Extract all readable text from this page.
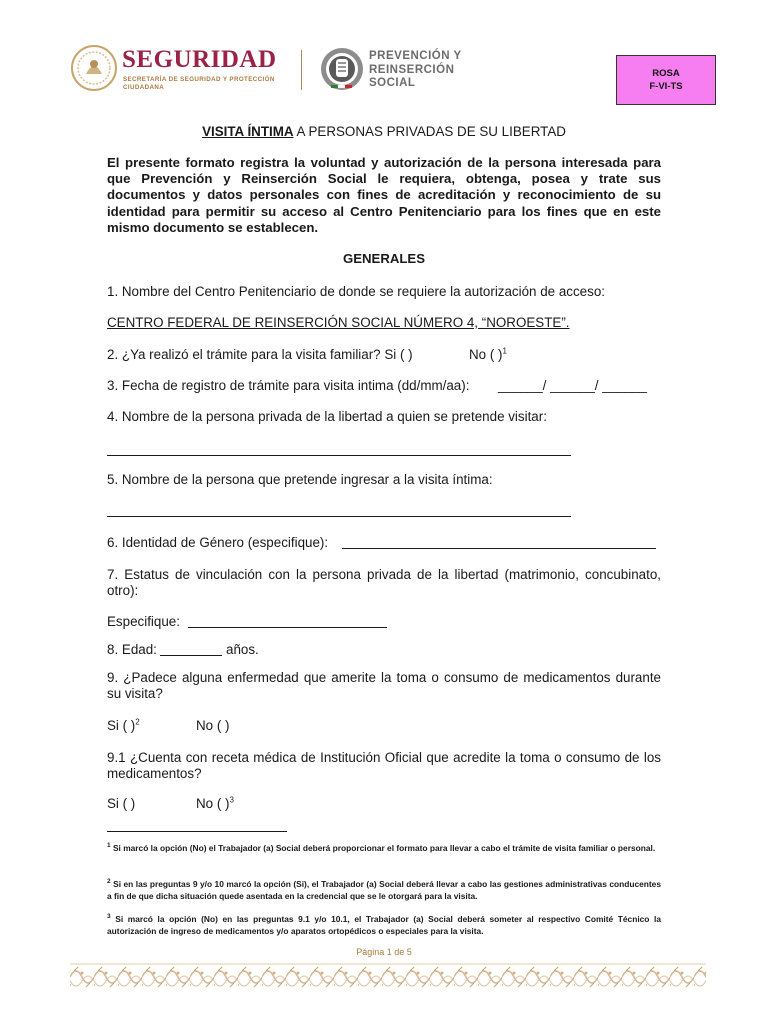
SEGURIDAD
SECRETARÍA DE SEGURIDAD Y PROTECCIÓN CIUDADANA
PREVENCIÓN Y
REINSERCIÓN
SOCIAL
ROSA
F-VI-TS
VISITA ÍNTIMA A PERSONAS PRIVADAS DE SU LIBERTAD
El presente formato registra la voluntad y autorización de la persona interesada para que Prevención y Reinserción Social le requiera, obtenga, posea y trate sus documentos y datos personales con fines de acreditación y reconocimiento de su identidad para permitir su acceso al Centro Penitenciario para los fines que en este mismo documento se establecen.
GENERALES
1. Nombre del Centro Penitenciario de donde se requiere la autorización de acceso:
CENTRO FEDERAL DE REINSERCIÓN SOCIAL NÚMERO 4, “NOROESTE”.
2. ¿Ya realizó el trámite para la visita familiar? Si ( )	No ( )$^1$
3. Fecha de registro de trámite para visita intima (dd/mm/aa): ______/ ______/ ______
4. Nombre de la persona privada de la libertad a quien se pretende visitar:
5. Nombre de la persona que pretende ingresar a la visita íntima:
6. Identidad de Género (especifique):
7. Estatus de vinculación con la persona privada de la libertad (matrimonio, concubinato, otro):
Especifique:
8. Edad:	años.
9. ¿Padece alguna enfermedad que amerite la toma o consumo de medicamentos durante su visita?
Si ( )$^2$	No ( )
9.1 ¿Cuenta con receta médica de Institución Oficial que acredite la toma o consumo de los medicamentos?
Si ( )	No ( )$^3$
$^1$ Si marcó la opción (No) el Trabajador (a) Social deberá proporcionar el formato para llevar a cabo el trámite de visita familiar o personal.
$^2$ Si en las preguntas 9 y/o 10 marcó la opción (Si), el Trabajador (a) Social deberá llevar a cabo las gestiones administrativas conducentes a fin de que dicha situación quede asentada en la credencial que se le otorgará para la visita.
$^3$ Si marcó la opción (No) en las preguntas 9.1 y/o 10.1, el Trabajador (a) Social deberá someter al respectivo Comité Técnico la autorización de ingreso de medicamentos y/o aparatos ortopédicos o especiales para la visita.
Página 1 de 5
